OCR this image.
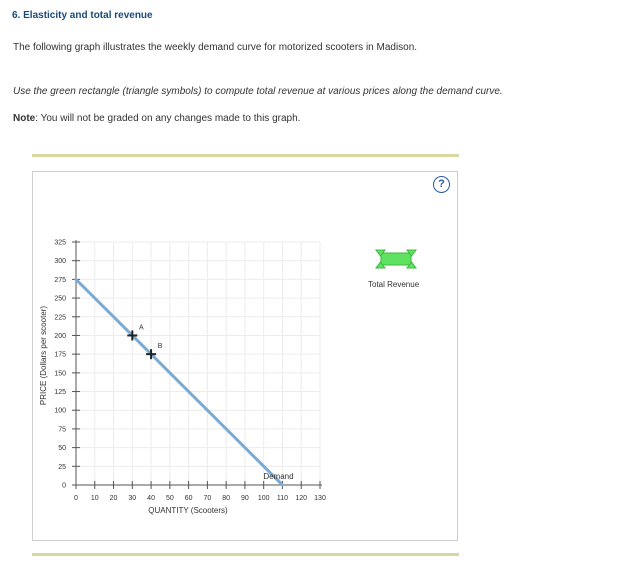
6. Elasticity and total revenue
The following graph illustrates the weekly demand curve for motorized scooters in Madison.
Use the green rectangle (triangle symbols) to compute total revenue at various prices along the demand curve.
Note: You will not be graded on any changes made to this graph.
0
25
50
75
100
125
150
175
200
225
250
275
300
325
0 10 20 30 40 50 60 70 80 90 100 110 120 130
QUANTITY (Scooters)
PRICE (Dollars per scooter)
Demand
A
B
?
Total Revenue
